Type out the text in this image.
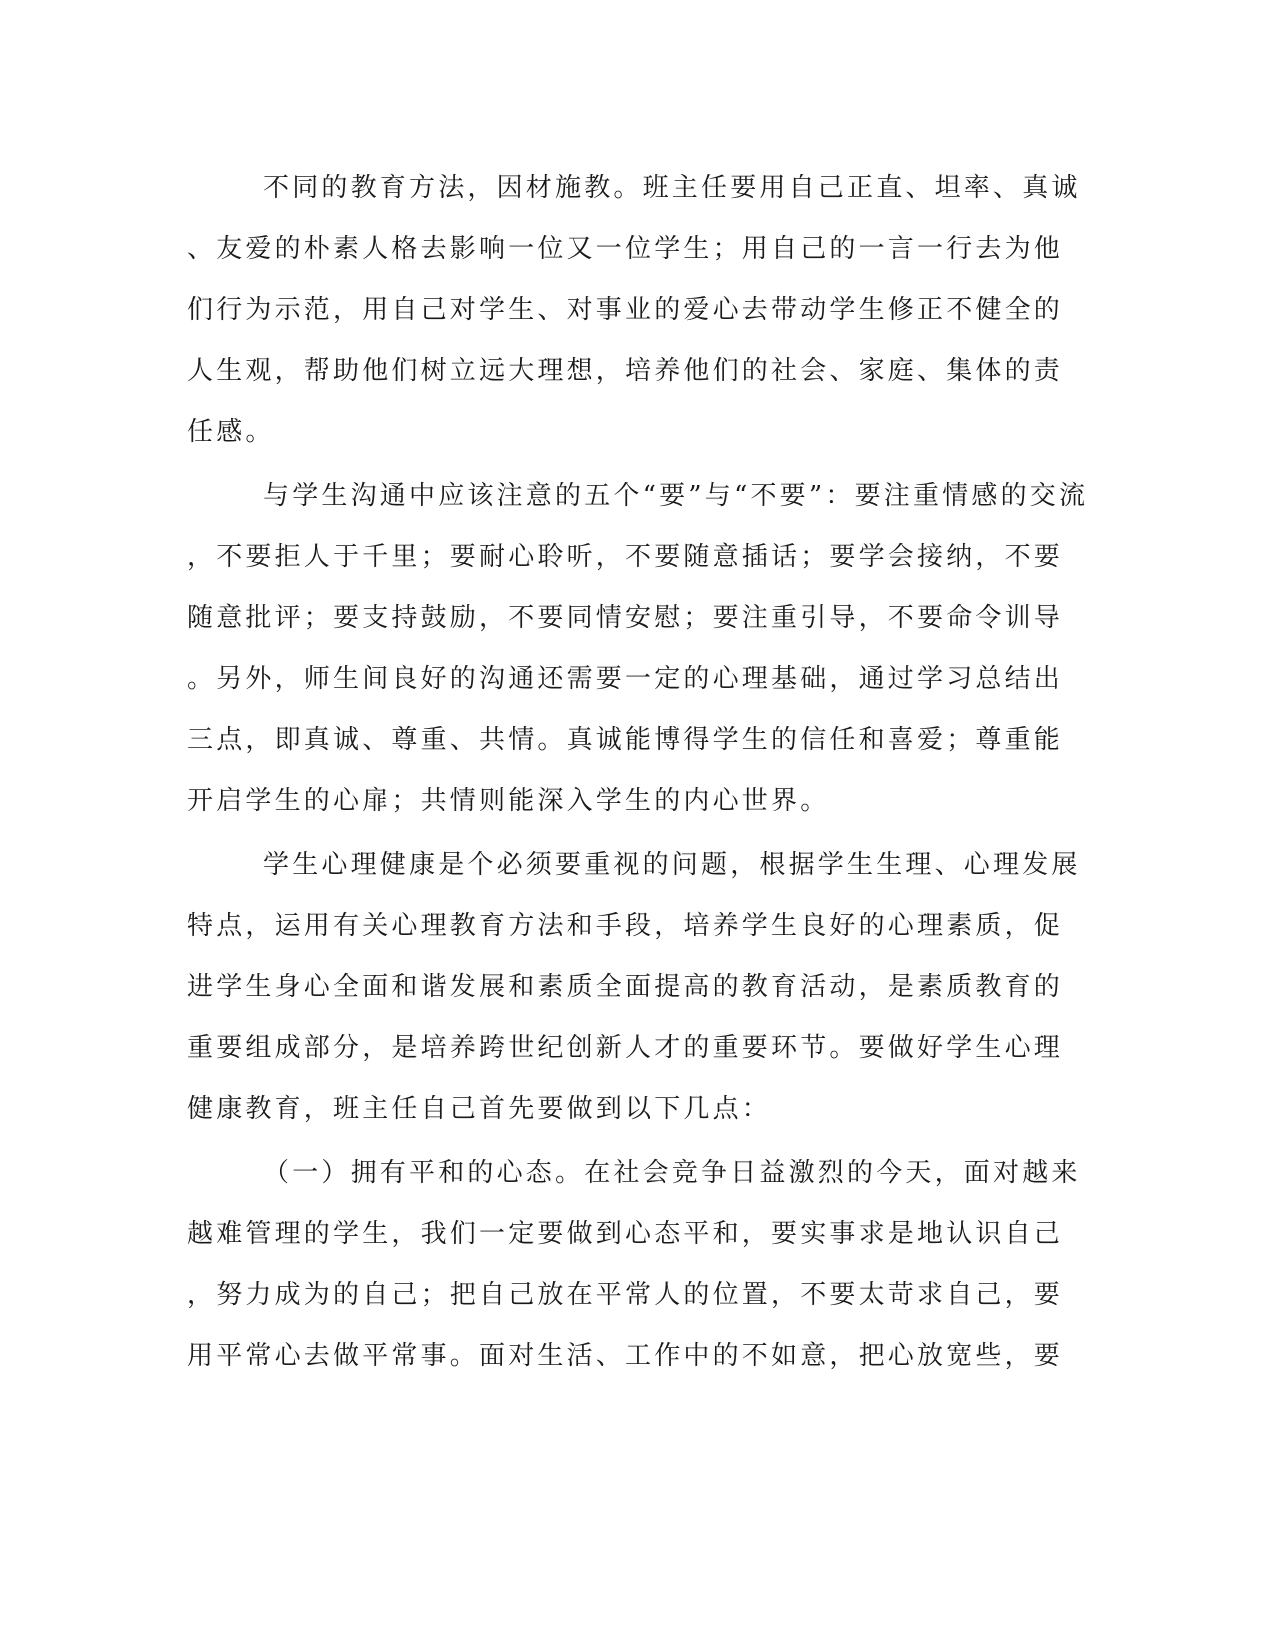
不同的教育方法，因材施教。班主任要用自己正直、坦率、真诚

、友爱的朴素人格去影响一位又一位学生；用自己的一言一行去为他

们行为示范，用自己对学生、对事业的爱心去带动学生修正不健全的

人生观，帮助他们树立远大理想，培养他们的社会、家庭、集体的责

任感。

与学生沟通中应该注意的五个“要”与“不要”：要注重情感的交流

，不要拒人于千里；要耐心聆听，不要随意插话；要学会接纳，不要

随意批评；要支持鼓励，不要同情安慰；要注重引导，不要命令训导

。另外，师生间良好的沟通还需要一定的心理基础，通过学习总结出

三点，即真诚、尊重、共情。真诚能博得学生的信任和喜爱；尊重能

开启学生的心扉；共情则能深入学生的内心世界。

学生心理健康是个必须要重视的问题，根据学生生理、心理发展

特点，运用有关心理教育方法和手段，培养学生良好的心理素质，促

进学生身心全面和谐发展和素质全面提高的教育活动，是素质教育的

重要组成部分，是培养跨世纪创新人才的重要环节。要做好学生心理

健康教育，班主任自己首先要做到以下几点：

（一）拥有平和的心态。在社会竞争日益激烈的今天，面对越来

越难管理的学生，我们一定要做到心态平和，要实事求是地认识自己

，努力成为的自己；把自己放在平常人的位置，不要太苛求自己，要

用平常心去做平常事。面对生活、工作中的不如意，把心放宽些，要
